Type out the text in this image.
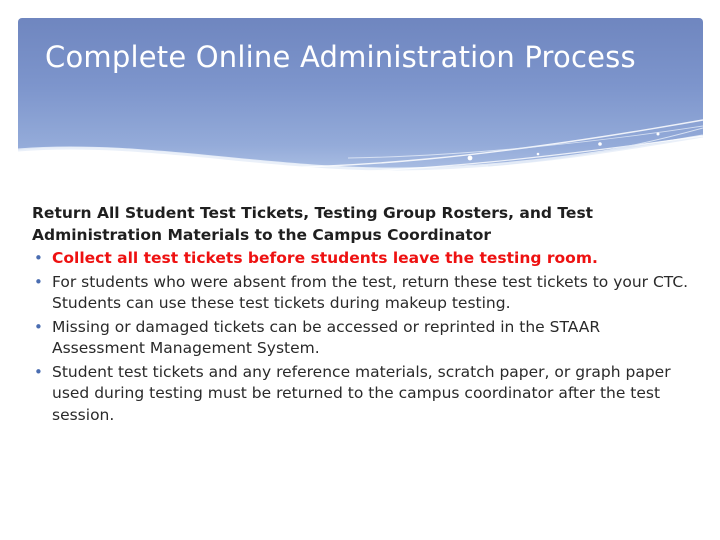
Complete Online Administration Process

Return All Student Test Tickets, Testing Group Rosters, and Test Administration Materials to the Campus Coordinator

• Collect all test tickets before students leave the testing room.
• For students who were absent from the test, return these test tickets to your CTC. Students can use these test tickets during makeup testing.
• Missing or damaged tickets can be accessed or reprinted in the STAAR Assessment Management System.
• Student test tickets and any reference materials, scratch paper, or graph paper used during testing must be returned to the campus coordinator after the test session.
